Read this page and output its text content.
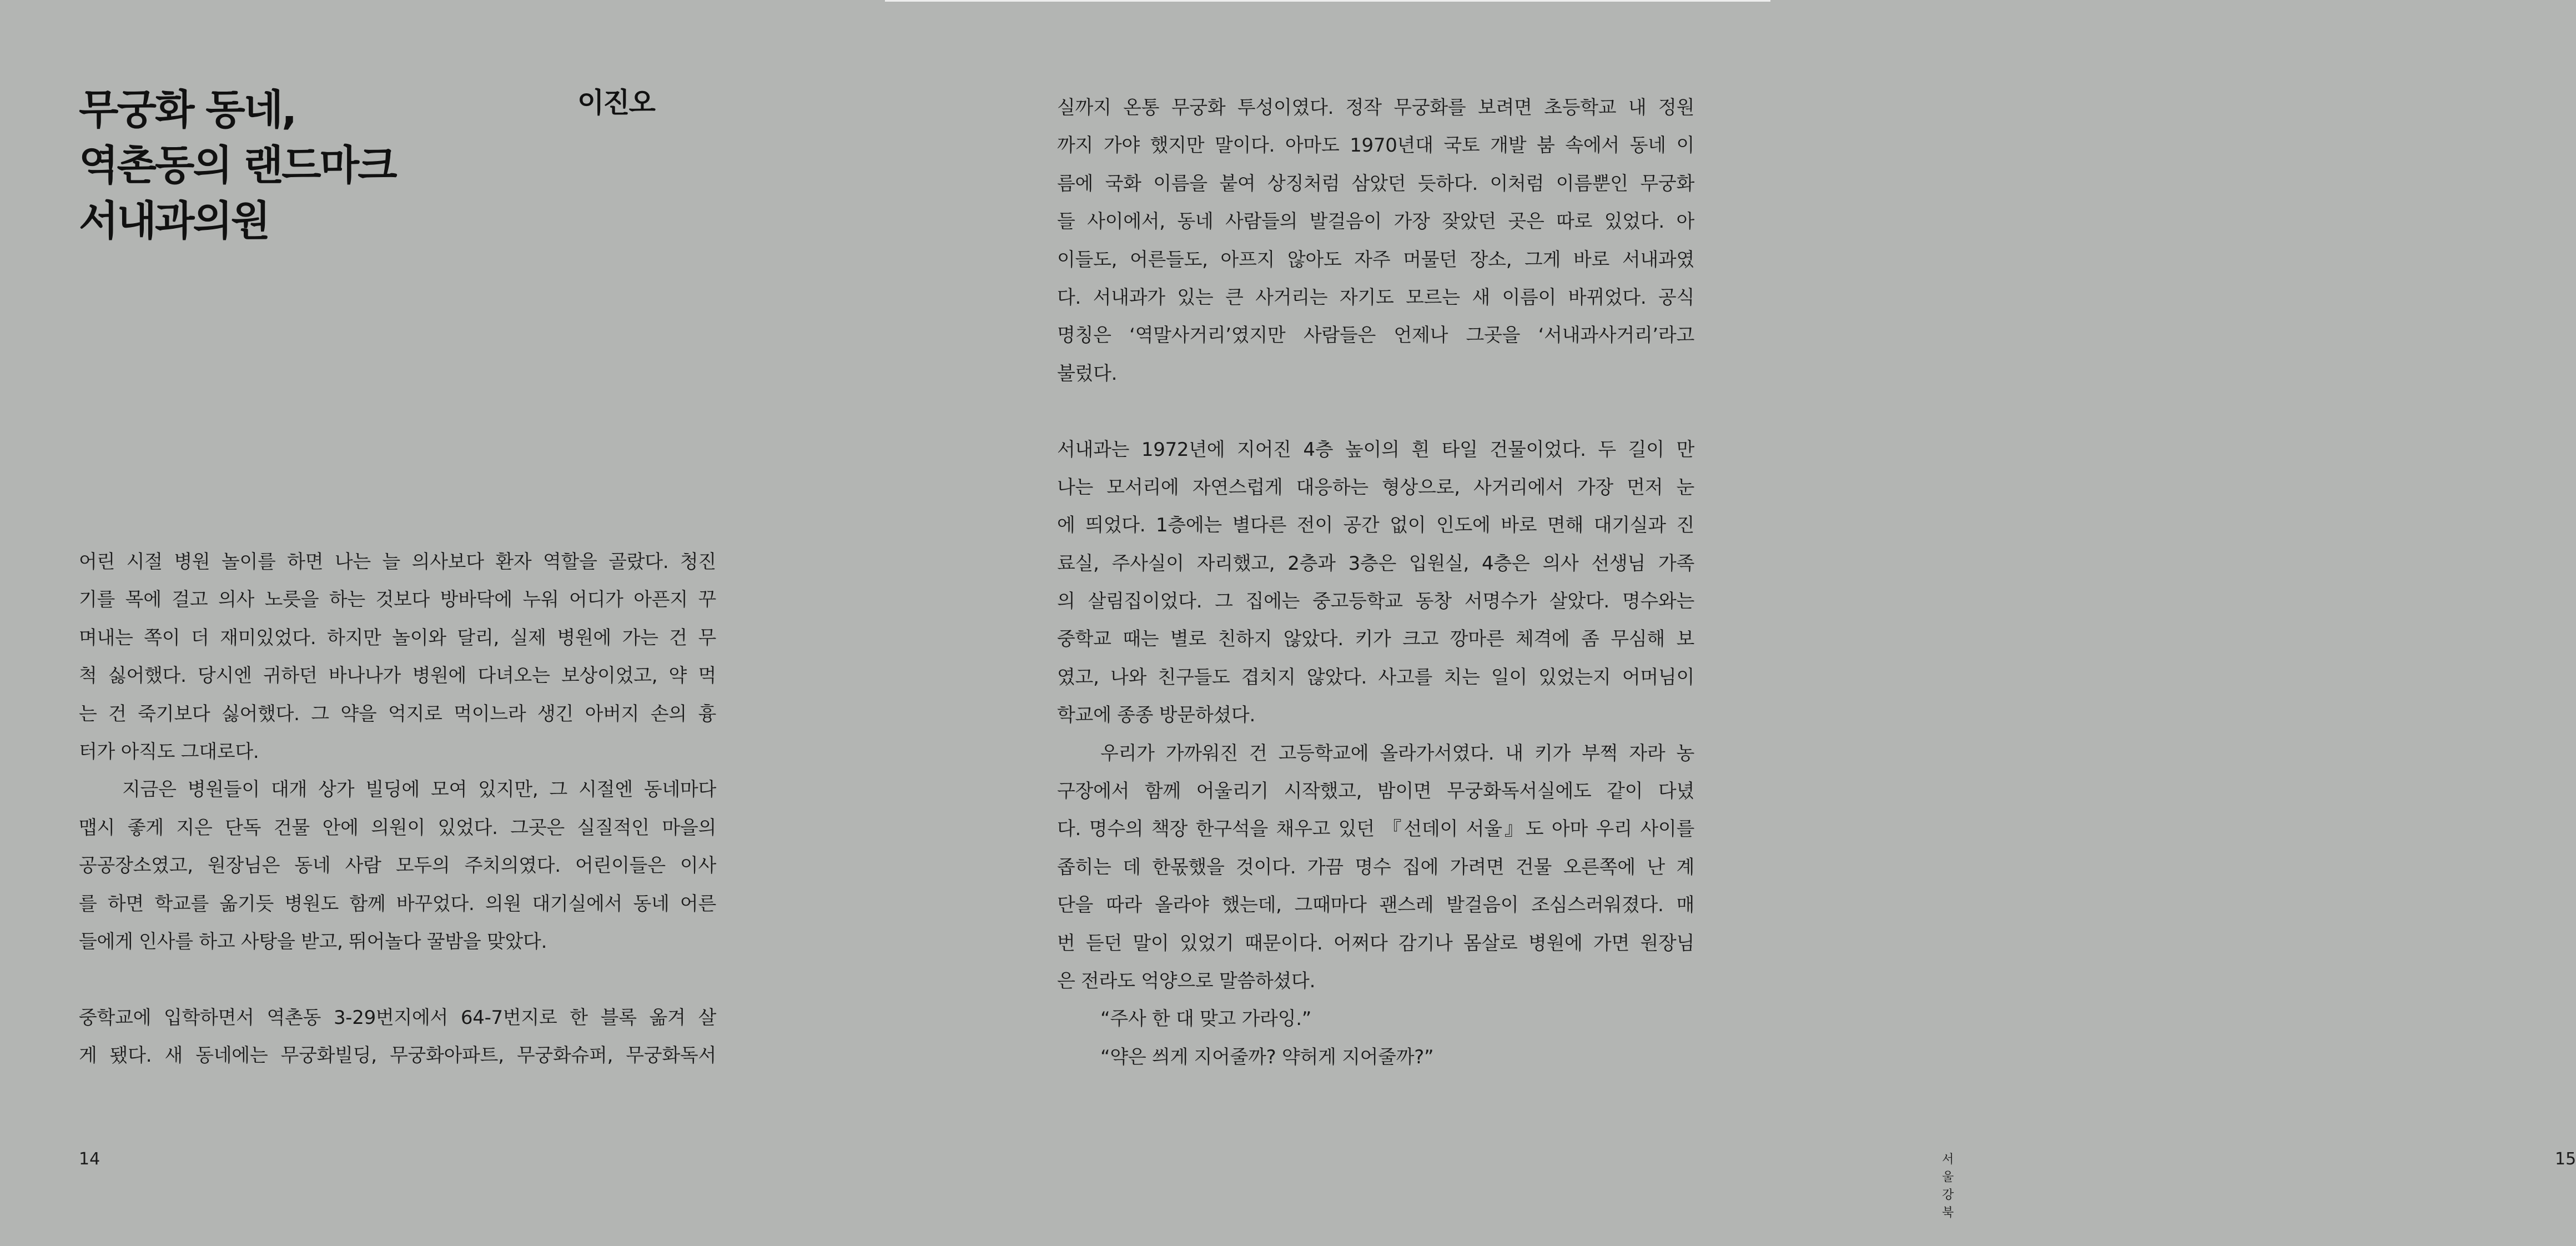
무궁화 동네,
역촌동의 랜드마크
서내과의원
이진오
어린 시절 병원 놀이를 하면 나는 늘 의사보다 환자 역할을 골랐다. 청진
기를 목에 걸고 의사 노릇을 하는 것보다 방바닥에 누워 어디가 아픈지 꾸
며내는 쪽이 더 재미있었다. 하지만 놀이와 달리, 실제 병원에 가는 건 무
척 싫어했다. 당시엔 귀하던 바나나가 병원에 다녀오는 보상이었고, 약 먹
는 건 죽기보다 싫어했다. 그 약을 억지로 먹이느라 생긴 아버지 손의 흉
터가 아직도 그대로다.
지금은 병원들이 대개 상가 빌딩에 모여 있지만, 그 시절엔 동네마다
맵시 좋게 지은 단독 건물 안에 의원이 있었다. 그곳은 실질적인 마을의
공공장소였고, 원장님은 동네 사람 모두의 주치의였다. 어린이들은 이사
를 하면 학교를 옮기듯 병원도 함께 바꾸었다. 의원 대기실에서 동네 어른
들에게 인사를 하고 사탕을 받고, 뛰어놀다 꿀밤을 맞았다.
중학교에 입학하면서 역촌동 3-29번지에서 64-7번지로 한 블록 옮겨 살
게 됐다. 새 동네에는 무궁화빌딩, 무궁화아파트, 무궁화슈퍼, 무궁화독서
14
실까지 온통 무궁화 투성이였다. 정작 무궁화를 보려면 초등학교 내 정원
까지 가야 했지만 말이다. 아마도 1970년대 국토 개발 붐 속에서 동네 이
름에 국화 이름을 붙여 상징처럼 삼았던 듯하다. 이처럼 이름뿐인 무궁화
들 사이에서, 동네 사람들의 발걸음이 가장 잦았던 곳은 따로 있었다. 아
이들도, 어른들도, 아프지 않아도 자주 머물던 장소, 그게 바로 서내과였
다. 서내과가 있는 큰 사거리는 자기도 모르는 새 이름이 바뀌었다. 공식
명칭은 ‘역말사거리’였지만 사람들은 언제나 그곳을 ‘서내과사거리’라고
불렀다.
서내과는 1972년에 지어진 4층 높이의 흰 타일 건물이었다. 두 길이 만
나는 모서리에 자연스럽게 대응하는 형상으로, 사거리에서 가장 먼저 눈
에 띄었다. 1층에는 별다른 전이 공간 없이 인도에 바로 면해 대기실과 진
료실, 주사실이 자리했고, 2층과 3층은 입원실, 4층은 의사 선생님 가족
의 살림집이었다. 그 집에는 중고등학교 동창 서명수가 살았다. 명수와는
중학교 때는 별로 친하지 않았다. 키가 크고 깡마른 체격에 좀 무심해 보
였고, 나와 친구들도 겹치지 않았다. 사고를 치는 일이 있었는지 어머님이
학교에 종종 방문하셨다.
우리가 가까워진 건 고등학교에 올라가서였다. 내 키가 부쩍 자라 농
구장에서 함께 어울리기 시작했고, 밤이면 무궁화독서실에도 같이 다녔
다. 명수의 책장 한구석을 채우고 있던 『선데이 서울』도 아마 우리 사이를
좁히는 데 한몫했을 것이다. 가끔 명수 집에 가려면 건물 오른쪽에 난 계
단을 따라 올라야 했는데, 그때마다 괜스레 발걸음이 조심스러워졌다. 매
번 듣던 말이 있었기 때문이다. 어쩌다 감기나 몸살로 병원에 가면 원장님
은 전라도 억양으로 말씀하셨다.
“주사 한 대 맞고 가라잉.”
“약은 씌게 지어줄까? 약허게 지어줄까?”
서울 강북
15
